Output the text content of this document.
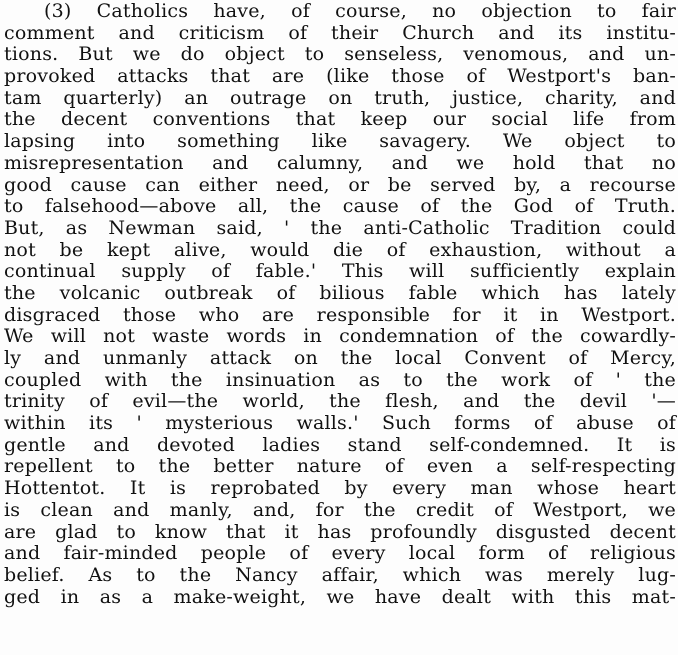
(3) Catholics have, of course, no objection to fair
comment and criticism of their Church and its institu-
tions. But we do object to senseless, venomous, and un-
provoked attacks that are (like those of Westport's ban-
tam quarterly) an outrage on truth, justice, charity, and
the decent conventions that keep our social life from
lapsing into something like savagery. We object to
misrepresentation and calumny, and we hold that no
good cause can either need, or be served by, a recourse
to falsehood—above all, the cause of the God of Truth.
But, as Newman said, ' the anti-Catholic Tradition could
not be kept alive, would die of exhaustion, without a
continual supply of fable.' This will sufficiently explain
the volcanic outbreak of bilious fable which has lately
disgraced those who are responsible for it in Westport.
We will not waste words in condemnation of the cowardly-
ly and unmanly attack on the local Convent of Mercy,
coupled with the insinuation as to the work of ' the
trinity of evil—the world, the flesh, and the devil '—
within its ' mysterious walls.' Such forms of abuse of
gentle and devoted ladies stand self-condemned. It is
repellent to the better nature of even a self-respecting
Hottentot. It is reprobated by every man whose heart
is clean and manly, and, for the credit of Westport, we
are glad to know that it has profoundly disgusted decent
and fair-minded people of every local form of religious
belief. As to the Nancy affair, which was merely lug-
ged in as a make-weight, we have dealt with this mat-
